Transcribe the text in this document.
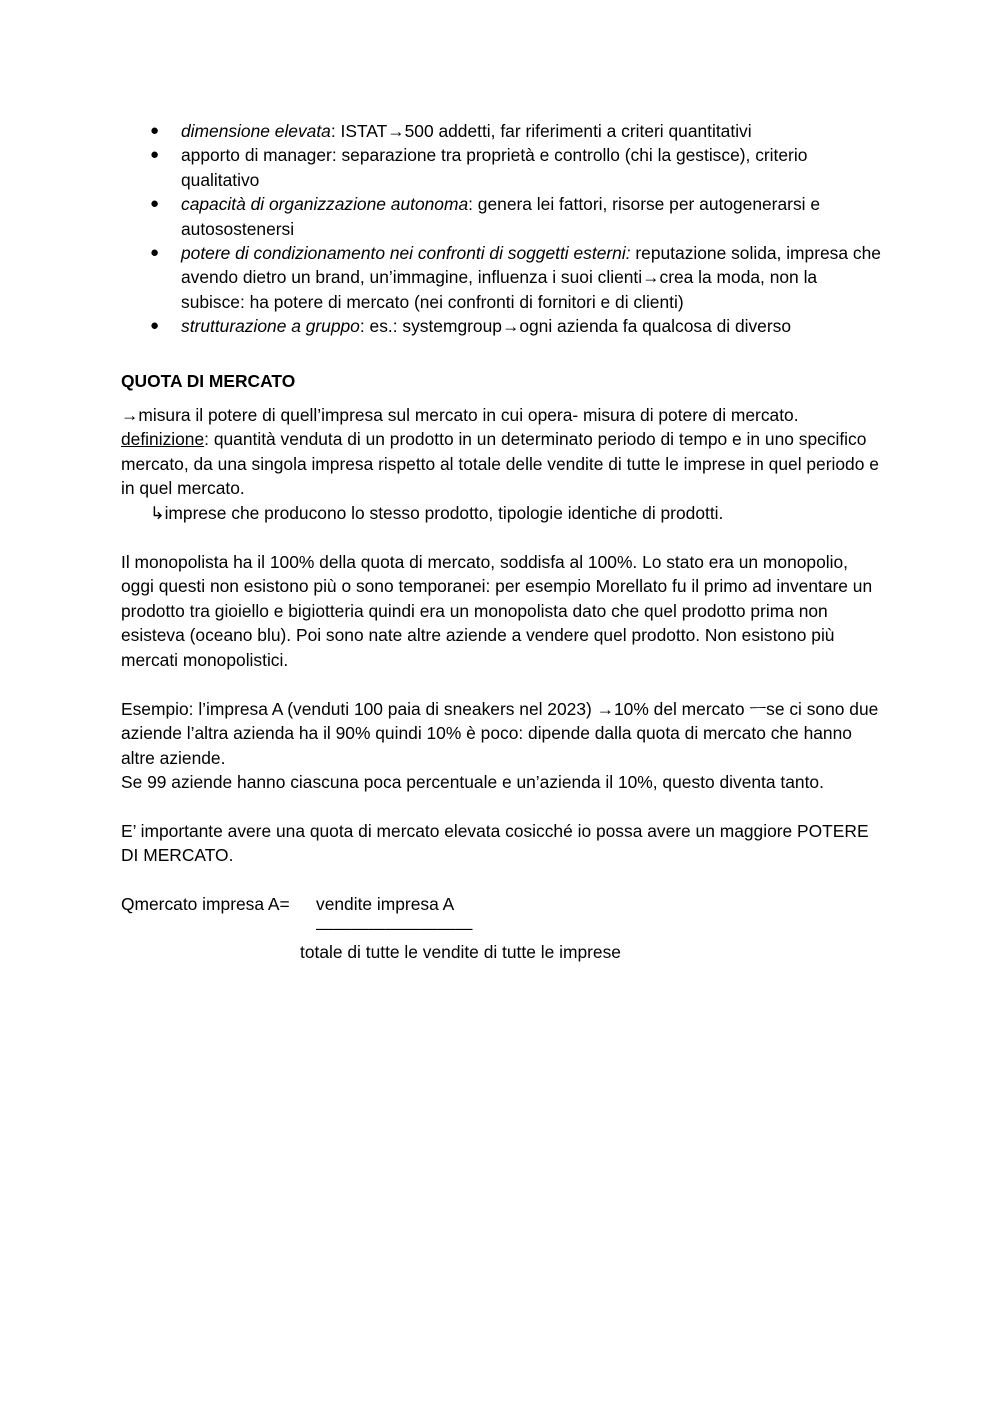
● dimensione elevata: ISTAT→500 addetti, far riferimenti a criteri quantitativi
● apporto di manager: separazione tra proprietà e controllo (chi la gestisce), criterio qualitativo
● capacità di organizzazione autonoma: genera lei fattori, risorse per autogenerarsi e autosostenersi
● potere di condizionamento nei confronti di soggetti esterni: reputazione solida, impresa che avendo dietro un brand, un’immagine, influenza i suoi clienti→crea la moda, non la subisce: ha potere di mercato (nei confronti di fornitori e di clienti)
● strutturazione a gruppo: es.: systemgroup→ogni azienda fa qualcosa di diverso
QUOTA DI MERCATO

→misura il potere di quell’impresa sul mercato in cui opera- misura di potere di mercato.

definizione: quantità venduta di un prodotto in un determinato periodo di tempo e in uno specifico mercato, da una singola impresa rispetto al totale delle vendite di tutte le imprese in quel periodo e in quel mercato.

↳imprese che producono lo stesso prodotto, tipologie identiche di prodotti.

Il monopolista ha il 100% della quota di mercato, soddisfa al 100%. Lo stato era un monopolio, oggi questi non esistono più o sono temporanei: per esempio Morellato fu il primo ad inventare un prodotto tra gioiello e bigiotteria quindi era un monopolista dato che quel prodotto prima non esisteva (oceano blu). Poi sono nate altre aziende a vendere quel prodotto. Non esistono più mercati monopolistici.

Esempio: l’impresa A (venduti 100 paia di sneakers nel 2023) →10% del mercato ㅡse ci sono due aziende l’altra azienda ha il 90% quindi 10% è poco: dipende dalla quota di mercato che hanno altre aziende.

Se 99 aziende hanno ciascuna poca percentuale e un’azienda il 10%, questo diventa tanto.

E’ importante avere una quota di mercato elevata cosicché io possa avere un maggiore POTERE DI MERCATO.

Qmercato impresa A= vendite impresa A
—————————
totale di tutte le vendite di tutte le imprese
